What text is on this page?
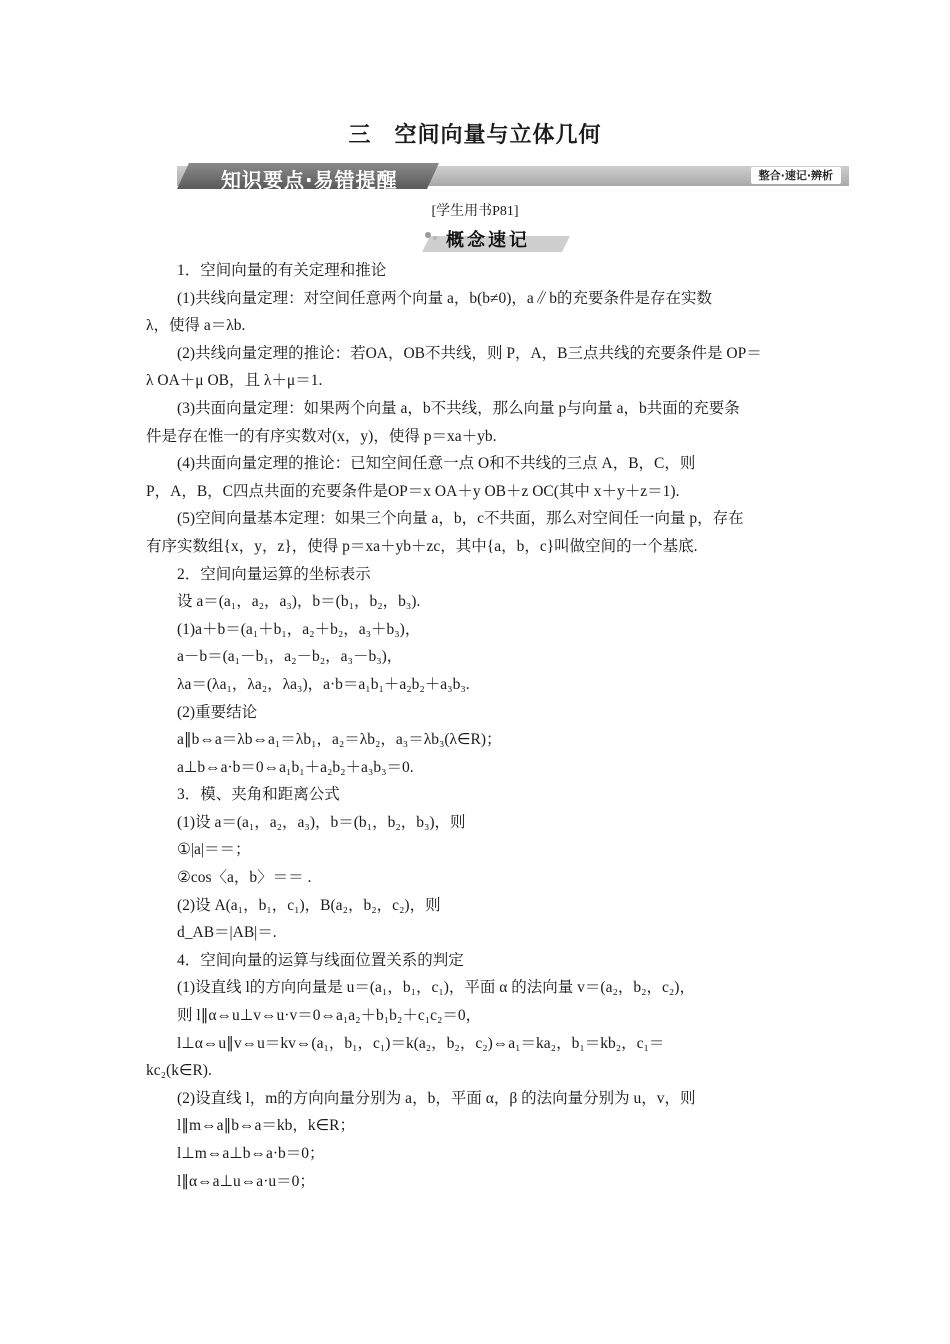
三　空间向量与立体几何
知识要点·易错提醒	整合·速记·辨析
[学生用书P81]
概念速记

1．空间向量的有关定理和推论

(1)共线向量定理：对空间任意两个向量 a，b(b≠0)，a∥b的充要条件是存在实数

λ，使得 a＝λb.

(2)共线向量定理的推论：若OA，OB不共线，则 P，A，B三点共线的充要条件是 OP＝

λ OA＋μ OB，且 λ＋μ＝1.

(3)共面向量定理：如果两个向量 a，b不共线，那么向量 p与向量 a，b共面的充要条

件是存在惟一的有序实数对(x，y)，使得 p＝xa＋yb.

(4)共面向量定理的推论：已知空间任意一点 O和不共线的三点 A，B，C，则

P，A，B，C四点共面的充要条件是OP＝x OA＋y OB＋z OC(其中 x＋y＋z＝1).

(5)空间向量基本定理：如果三个向量 a，b，c不共面，那么对空间任一向量 p，存在

有序实数组{x，y，z}，使得 p＝xa＋yb＋zc，其中{a，b，c}叫做空间的一个基底.

2．空间向量运算的坐标表示

设 a＝(a₁，a₂，a₃)，b＝(b₁，b₂，b₃).

(1)a＋b＝(a₁＋b₁，a₂＋b₂，a₃＋b₃)，

a－b＝(a₁－b₁，a₂－b₂，a₃－b₃)，

λa＝(λa₁，λa₂，λa₃)，a·b＝a₁b₁＋a₂b₂＋a₃b₃.

(2)重要结论

a∥b⇔a＝λb⇔a₁＝λb₁，a₂＝λb₂，a₃＝λb₃(λ∈R)；

a⊥b⇔a·b＝0⇔a₁b₁＋a₂b₂＋a₃b₃＝0.

3．模、夹角和距离公式

(1)设 a＝(a₁，a₂，a₃)，b＝(b₁，b₂，b₃)，则

①|a|＝＝；

②cos〈a，b〉＝＝ .

(2)设 A(a₁，b₁，c₁)，B(a₂，b₂，c₂)，则

d_AB＝|AB|＝.

4．空间向量的运算与线面位置关系的判定

(1)设直线 l的方向向量是 u＝(a₁，b₁，c₁)，平面 α 的法向量 v＝(a₂，b₂，c₂)，

则 l∥α⇔u⊥v⇔u·v＝0⇔a₁a₂＋b₁b₂＋c₁c₂＝0，

l⊥α⇔u∥v⇔u＝kv⇔(a₁，b₁，c₁)＝k(a₂，b₂，c₂)⇔a₁＝ka₂，b₁＝kb₂，c₁＝

kc₂(k∈R).

(2)设直线 l，m的方向向量分别为 a，b，平面 α，β 的法向量分别为 u，v，则

l∥m⇔a∥b⇔a＝kb，k∈R；

l⊥m⇔a⊥b⇔a·b＝0；

l∥α⇔a⊥u⇔a·u＝0；
